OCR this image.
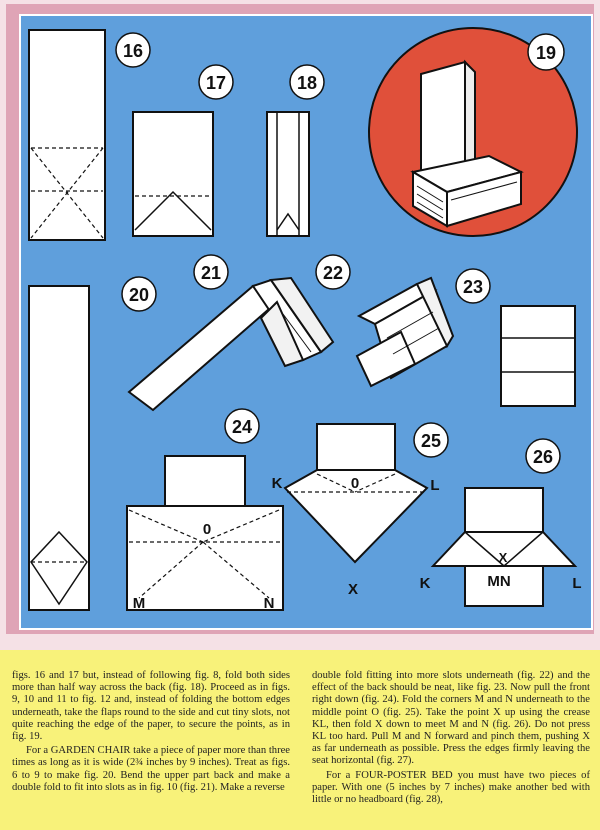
16
17	18
19
20
21	22
23
0
M	N
24
0
K	L
X
25
X
MN
K	L
26

figs. 16 and 17 but, instead of following fig. 8, fold both sides more than half way across the back (fig. 18). Proceed as in figs. 9, 10 and 11 to fig. 12 and, instead of folding the bottom edges underneath, take the flaps round to the side and cut tiny slots, not quite reaching the edge of the paper, to secure the points, as in fig. 19.

For a GARDEN CHAIR take a piece of paper more than three times as long as it is wide (2¾ inches by 9 inches). Treat as figs. 6 to 9 to make fig. 20. Bend the upper part back and make a double fold to fit into slots as in fig. 10 (fig. 21). Make a reverse

double fold fitting into more slots underneath (fig. 22) and the effect of the back should be neat, like fig. 23. Now pull the front right down (fig. 24). Fold the corners M and N underneath to the middle point O (fig. 25). Take the point X up using the crease KL, then fold X down to meet M and N (fig. 26). Do not press KL too hard. Pull M and N forward and pinch them, pushing X as far underneath as possible. Press the edges firmly leaving the seat horizontal (fig. 27).

For a FOUR-POSTER BED you must have two pieces of paper. With one (5 inches by 7 inches) make another bed with little or no headboard (fig. 28),
